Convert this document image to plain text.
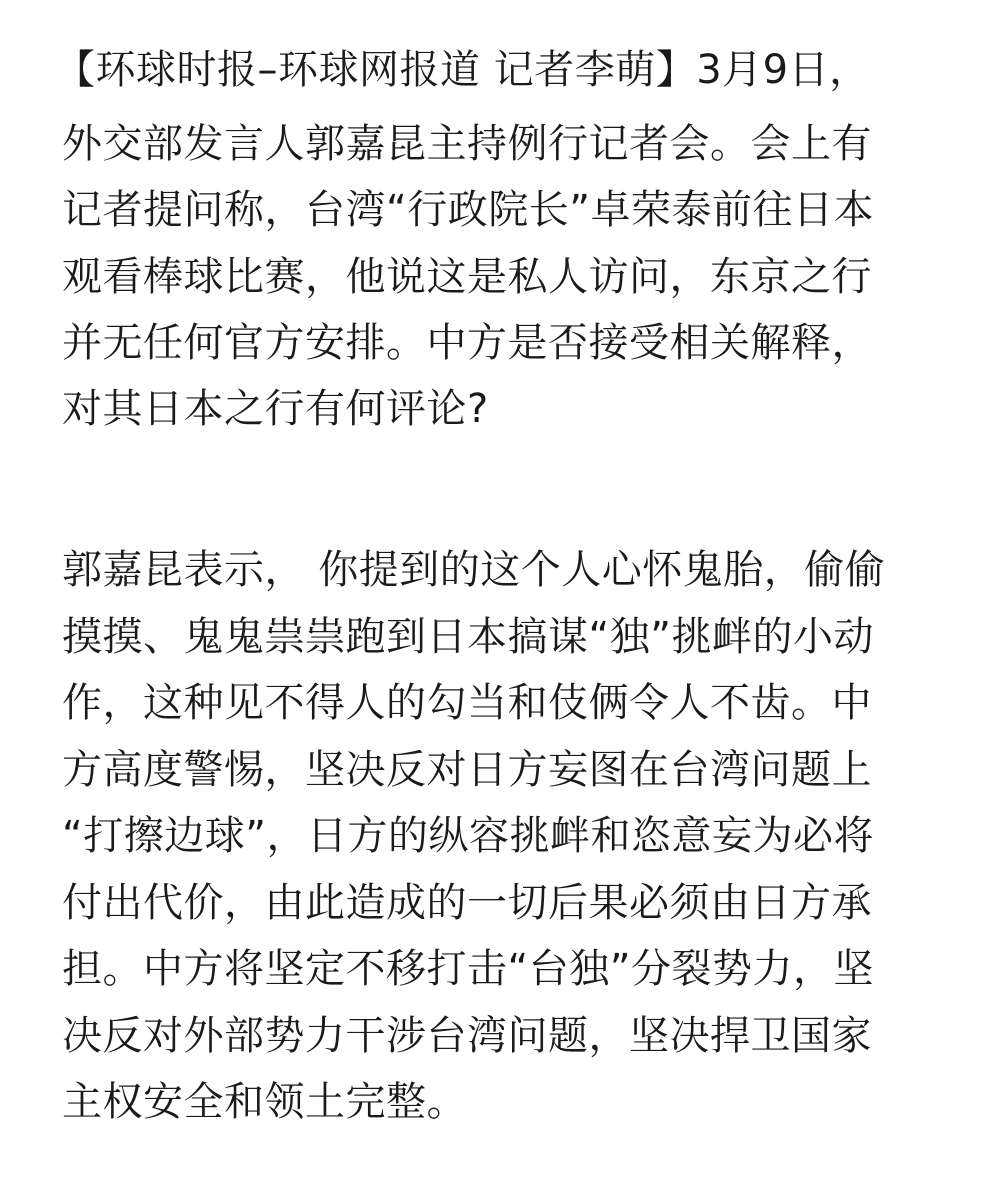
【环球时报–环球网报道 记者李萌】3月9日，
外交部发言人郭嘉昆主持例行记者会。会上有
记者提问称，台湾“行政院长”卓荣泰前往日本
观看棒球比赛，他说这是私人访问，东京之行
并无任何官方安排。中方是否接受相关解释，
对其日本之行有何评论?
郭嘉昆表示， 你提到的这个人心怀鬼胎，偷偷
摸摸、鬼鬼祟祟跑到日本搞谋“独”挑衅的小动
作，这种见不得人的勾当和伎俩令人不齿。中
方高度警惕，坚决反对日方妄图在台湾问题上
“打擦边球”，日方的纵容挑衅和恣意妄为必将
付出代价，由此造成的一切后果必须由日方承
担。中方将坚定不移打击“台独”分裂势力，坚
决反对外部势力干涉台湾问题，坚决捍卫国家
主权安全和领土完整。
